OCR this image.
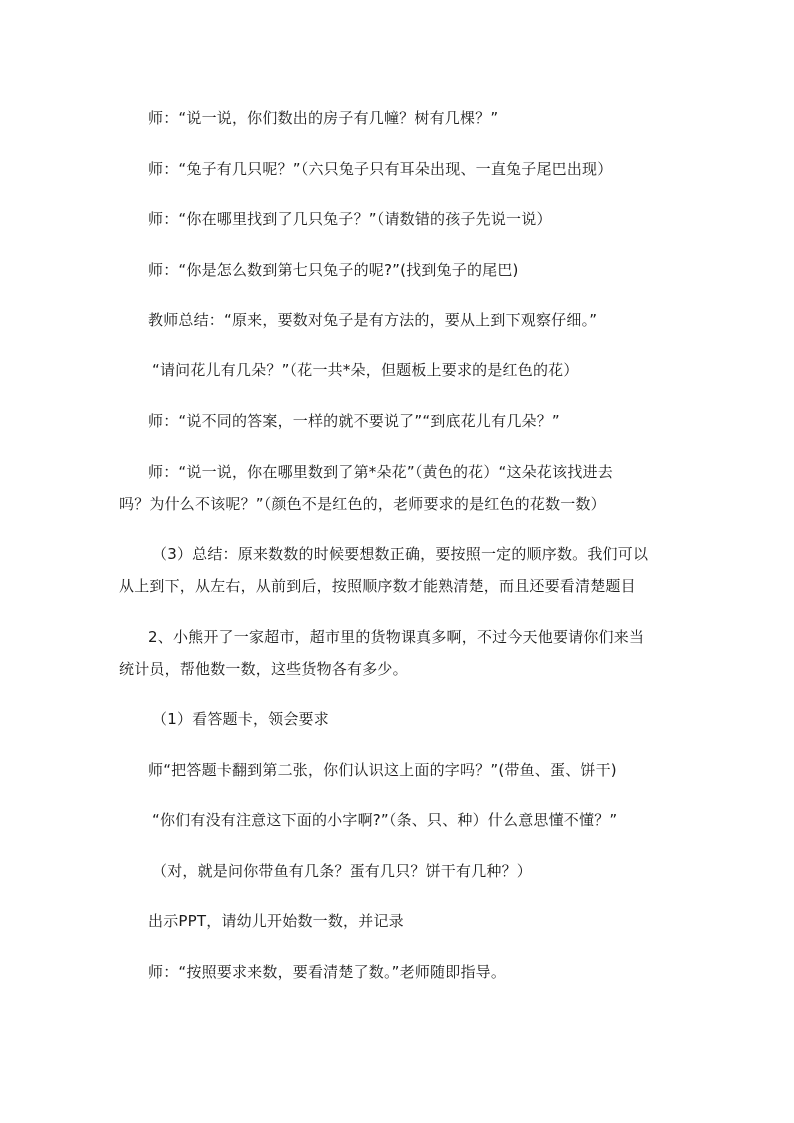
师：“说一说，你们数出的房子有几幢？树有几棵？”

师：“兔子有几只呢？”（六只兔子只有耳朵出现、一直兔子尾巴出现）

师：“你在哪里找到了几只兔子？”（请数错的孩子先说一说）

师：“你是怎么数到第七只兔子的呢?”(找到兔子的尾巴)

教师总结：“原来，要数对兔子是有方法的，要从上到下观察仔细。”

“请问花儿有几朵？”（花一共*朵，但题板上要求的是红色的花）

师：“说不同的答案，一样的就不要说了”“到底花儿有几朵？”

师：“说一说，你在哪里数到了第*朵花”（黄色的花）“这朵花该找进去

吗？为什么不该呢？”（颜色不是红色的，老师要求的是红色的花数一数）

（3）总结：原来数数的时候要想数正确，要按照一定的顺序数。我们可以

从上到下，从左右，从前到后，按照顺序数才能熟清楚，而且还要看清楚题目

2、小熊开了一家超市，超市里的货物课真多啊，不过今天他要请你们来当

统计员，帮他数一数，这些货物各有多少。

（1）看答题卡，领会要求

师“把答题卡翻到第二张，你们认识这上面的字吗？”(带鱼、蛋、饼干)

“你们有没有注意这下面的小字啊?”（条、只、种）什么意思懂不懂？”

（对，就是问你带鱼有几条？蛋有几只？饼干有几种？）

出示PPT，请幼儿开始数一数，并记录

师：“按照要求来数，要看清楚了数。”老师随即指导。
